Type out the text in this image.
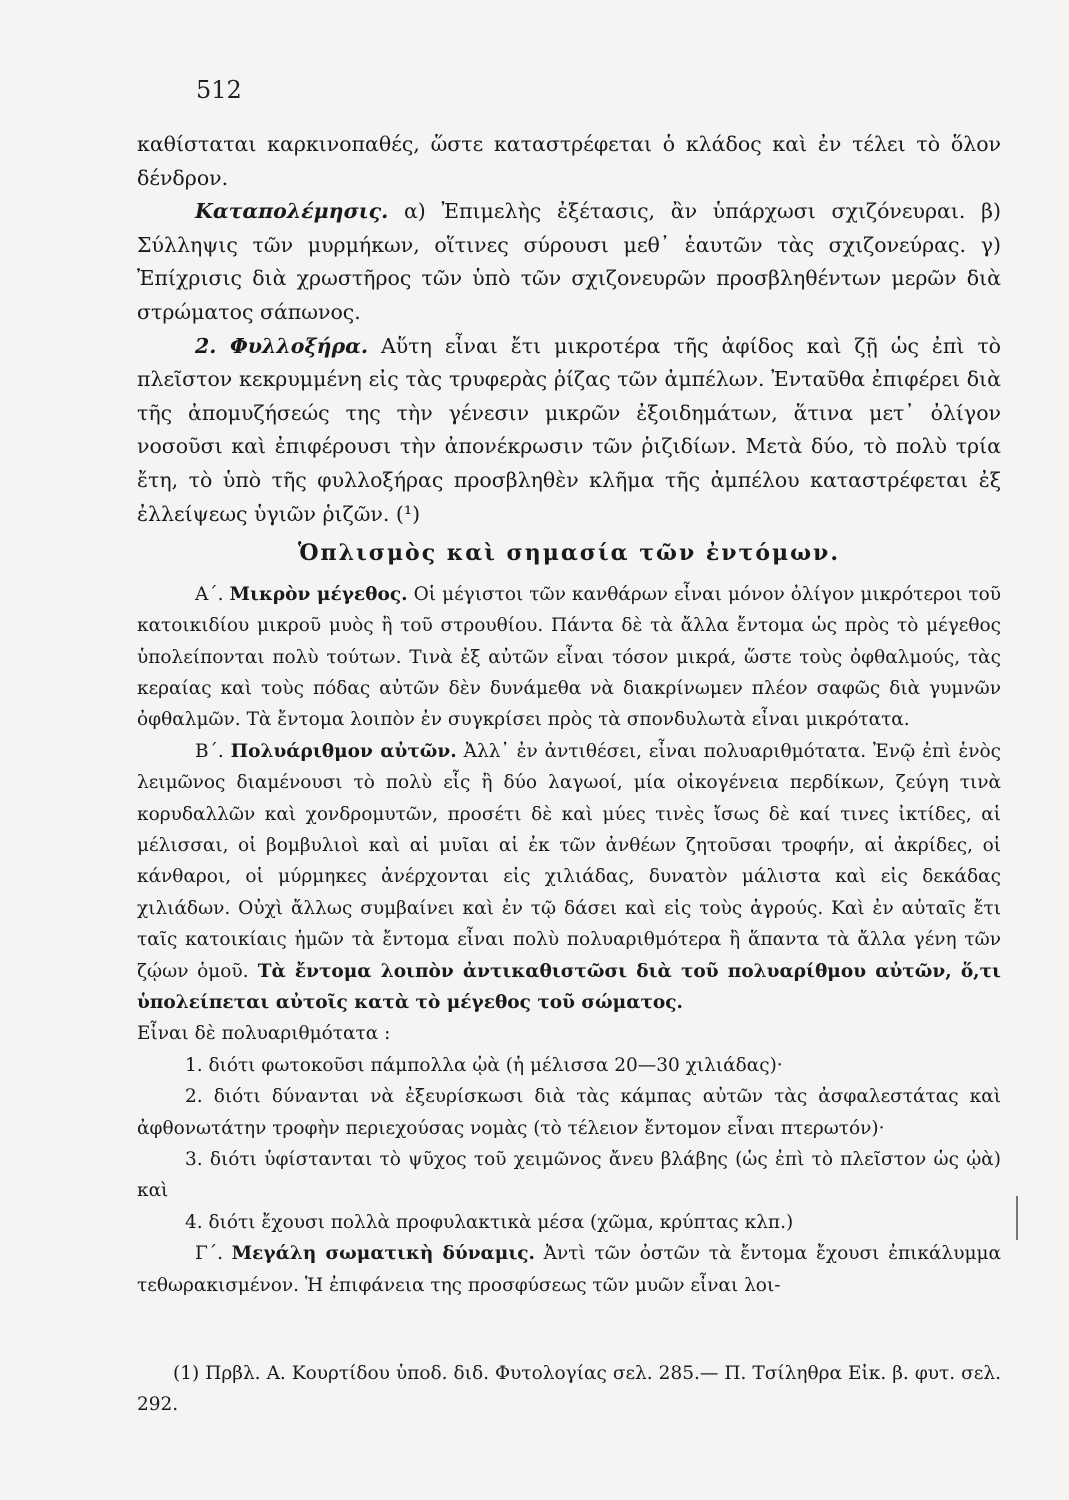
512

καθίσταται καρκινοπαθές, ὥστε καταστρέφεται ὁ κλάδος καὶ ἐν τέλει τὸ ὅλον δένδρον.

Καταπολέμησις. α) Ἐπιμελὴς ἐξέτασις, ἂν ὑπάρχωσι σχιζόνευραι. β) Σύλληψις τῶν μυρμήκων, οἵτινες σύρουσι μεθ᾽ ἑαυτῶν τὰς σχιζονεύρας. γ) Ἐπίχρισις διὰ χρωστῆρος τῶν ὑπὸ τῶν σχιζονευρῶν προσβληθέντων μερῶν διὰ στρώματος σάπωνος.

2. Φυλλοξήρα. Αὕτη εἶναι ἔτι μικροτέρα τῆς ἀφίδος καὶ ζῇ ὡς ἐπὶ τὸ πλεῖστον κεκρυμμένη εἰς τὰς τρυφερὰς ῥίζας τῶν ἀμπέλων. Ἐνταῦθα ἐπιφέρει διὰ τῆς ἀπομυζήσεώς της τὴν γένεσιν μικρῶν ἐξοιδημάτων, ἅτινα μετ᾽ ὀλίγον νοσοῦσι καὶ ἐπιφέρουσι τὴν ἀπονέκρωσιν τῶν ῥιζιδίων. Μετὰ δύο, τὸ πολὺ τρία ἔτη, τὸ ὑπὸ τῆς φυλλοξήρας προσβληθὲν κλῆμα τῆς ἀμπέλου καταστρέφεται ἐξ ἐλλείψεως ὑγιῶν ῥιζῶν. (¹)

Ὁπλισμὸς καὶ σημασία τῶν ἐντόμων.

Α΄. Μικρὸν μέγεθος. Οἱ μέγιστοι τῶν κανθάρων εἶναι μόνον ὀλίγον μικρότεροι τοῦ κατοικιδίου μικροῦ μυὸς ἢ τοῦ στρουθίου. Πάντα δὲ τὰ ἄλλα ἔντομα ὡς πρὸς τὸ μέγεθος ὑπολείπονται πολὺ τούτων. Τινὰ ἐξ αὐτῶν εἶναι τόσον μικρά, ὥστε τοὺς ὀφθαλμούς, τὰς κεραίας καὶ τοὺς πόδας αὐτῶν δὲν δυνάμεθα νὰ διακρίνωμεν πλέον σαφῶς διὰ γυμνῶν ὀφθαλμῶν. Τὰ ἔντομα λοιπὸν ἐν συγκρίσει πρὸς τὰ σπονδυλωτὰ εἶναι μικρότατα.

Β΄. Πολυάριθμον αὐτῶν. Ἀλλ᾽ ἐν ἀντιθέσει, εἶναι πολυαριθμότατα. Ἐνῷ ἐπὶ ἑνὸς λειμῶνος διαμένουσι τὸ πολὺ εἷς ἢ δύο λαγωοί, μία οἰκογένεια περδίκων, ζεύγη τινὰ κορυδαλλῶν καὶ χονδρομυτῶν, προσέτι δὲ καὶ μύες τινὲς ἴσως δὲ καί τινες ἰκτίδες, αἱ μέλισσαι, οἱ βομβυλιοὶ καὶ αἱ μυῖαι αἱ ἐκ τῶν ἀνθέων ζητοῦσαι τροφήν, αἱ ἀκρίδες, οἱ κάνθαροι, οἱ μύρμηκες ἀνέρχονται εἰς χιλιάδας, δυνατὸν μάλιστα καὶ εἰς δεκάδας χιλιάδων. Οὐχὶ ἄλλως συμβαίνει καὶ ἐν τῷ δάσει καὶ εἰς τοὺς ἀγρούς. Καὶ ἐν αὐταῖς ἔτι ταῖς κατοικίαις ἡμῶν τὰ ἔντομα εἶναι πολὺ πολυαριθμότερα ἢ ἅπαντα τὰ ἄλλα γένη τῶν ζῴων ὁμοῦ. Τὰ ἔντομα λοιπὸν ἀντικαθιστῶσι διὰ τοῦ πολυαρίθμου αὐτῶν, ὅ,τι ὑπολείπεται αὐτοῖς κατὰ τὸ μέγεθος τοῦ σώματος.

Εἶναι δὲ πολυαριθμότατα :

1. διότι φωτοκοῦσι πάμπολλα ᾠὰ (ἡ μέλισσα 20—30 χιλιάδας)·

2. διότι δύνανται νὰ ἐξευρίσκωσι διὰ τὰς κάμπας αὐτῶν τὰς ἀσφαλεστάτας καὶ ἀφθονωτάτην τροφὴν περιεχούσας νομὰς (τὸ τέλειον ἔντομον εἶναι πτερωτόν)·

3. διότι ὑφίστανται τὸ ψῦχος τοῦ χειμῶνος ἄνευ βλάβης (ὡς ἐπὶ τὸ πλεῖστον ὡς ᾠὰ) καὶ

4. διότι ἔχουσι πολλὰ προφυλακτικὰ μέσα (χῶμα, κρύπτας κλπ.)

Γ΄. Μεγάλη σωματικὴ δύναμις. Ἀντὶ τῶν ὀστῶν τὰ ἔντομα ἔχουσι ἐπικάλυμμα τεθωρακισμένον. Ἡ ἐπιφάνεια της προσφύσεως τῶν μυῶν εἶναι λοι-

(1) Πρβλ. Α. Κουρτίδου ὑποδ. διδ. Φυτολογίας σελ. 285.— Π. Τσίληθρα Εἰκ. β. φυτ. σελ. 292.
